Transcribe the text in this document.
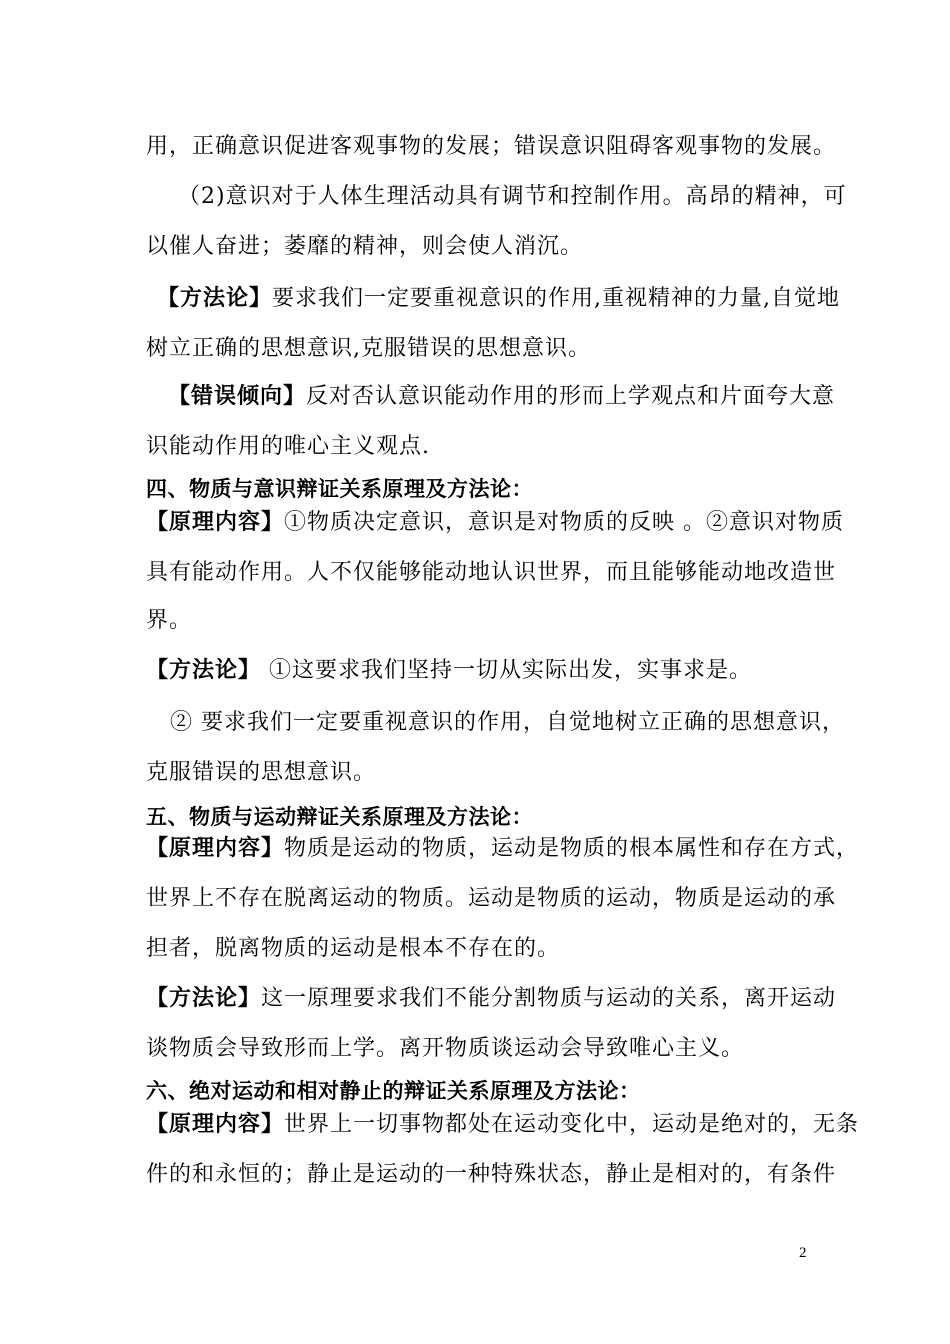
用，正确意识促进客观事物的发展；错误意识阻碍客观事物的发展。
（2)意识对于人体生理活动具有调节和控制作用。高昂的精神，可
以催人奋进；萎靡的精神，则会使人消沉。
【方法论】要求我们一定要重视意识的作用,重视精神的力量,自觉地
树立正确的思想意识,克服错误的思想意识。
【错误倾向】反对否认意识能动作用的形而上学观点和片面夸大意
识能动作用的唯心主义观点.
四、物质与意识辩证关系原理及方法论：
【原理内容】①物质决定意识，意识是对物质的反映 。②意识对物质
具有能动作用。人不仅能够能动地认识世界，而且能够能动地改造世
界。
【方法论】 ①这要求我们坚持一切从实际出发，实事求是。
② 要求我们一定要重视意识的作用，自觉地树立正确的思想意识，
克服错误的思想意识。
五、物质与运动辩证关系原理及方法论：
【原理内容】物质是运动的物质，运动是物质的根本属性和存在方式，
世界上不存在脱离运动的物质。运动是物质的运动，物质是运动的承
担者，脱离物质的运动是根本不存在的。
【方法论】这一原理要求我们不能分割物质与运动的关系，离开运动
谈物质会导致形而上学。离开物质谈运动会导致唯心主义。
六、绝对运动和相对静止的辩证关系原理及方法论：
【原理内容】世界上一切事物都处在运动变化中，运动是绝对的，无条
件的和永恒的；静止是运动的一种特殊状态，静止是相对的，有条件
2
